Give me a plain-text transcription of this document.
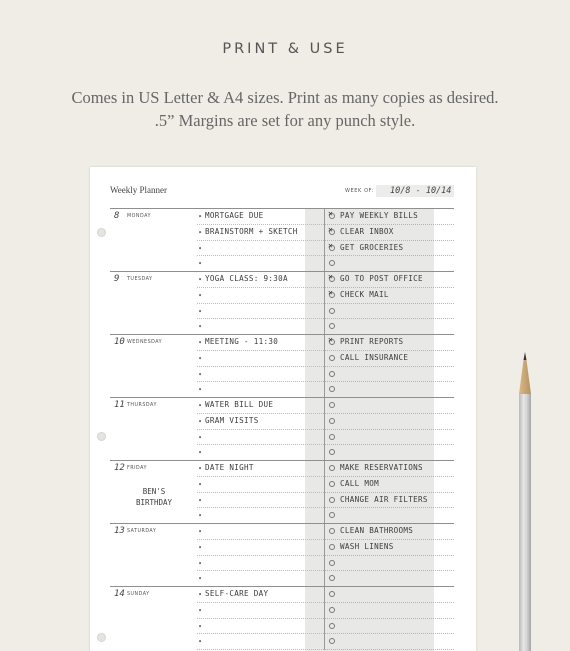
PRINT & USE
Comes in US Letter & A4 sizes. Print as many copies as desired.
.5” Margins are set for any punch style.
Weekly Planner	WEEK OF: 10/8 - 10/14
8 MONDAY	• MORTGAGE DUE	✕ PAY WEEKLY BILLS
• BRAINSTORM + SKETCH	✕ CLEAR INBOX
•	✕ GET GROCERIES
•
9 TUESDAY	• YOGA CLASS: 9:30A	✕ GO TO POST OFFICE
•	✕ CHECK MAIL
•
•
10 WEDNESDAY	• MEETING - 11:30	✕ PRINT REPORTS
•	CALL INSURANCE
•
•
11 THURSDAY	• WATER BILL DUE
• GRAM VISITS
•
•
12 FRIDAY
BEN'S BIRTHDAY
• DATE NIGHT	MAKE RESERVATIONS
•	CALL MOM
•	CHANGE AIR FILTERS
•
13 SATURDAY	•	CLEAN BATHROOMS
•	WASH LINENS
•
•
14 SUNDAY	• SELF-CARE DAY
•
•
•
